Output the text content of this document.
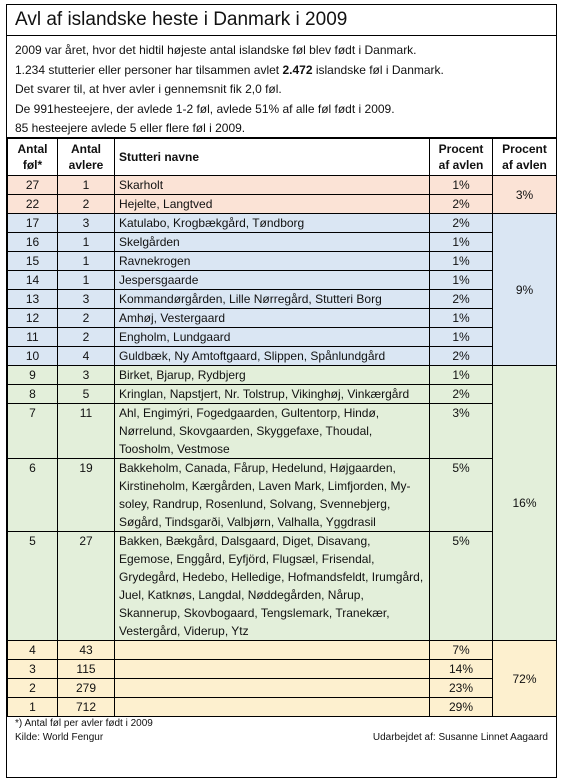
Avl af islandske heste i Danmark i 2009

2009 var året, hvor det hidtil højeste antal islandske føl blev født i Danmark.

1.234 stutterier eller personer har tilsammen avlet 2.472 islandske føl i Danmark.

Det svarer til, at hver avler i gennemsnit fik 2,0 føl.

De 991hesteejere, der avlede 1-2 føl, avlede 51% af alle føl født i 2009.

85 hesteejere avlede 5 eller flere føl i 2009.

Antal føl*	Antal avlere	Stutteri navne	Procent af avlen	Procent af avlen
27	1	Skarholt	1%	3%
22	2	Hejelte, Langtved	2%	
17	3	Katulabo, Krogbækgård, Tøndborg	2%	9%
16	1	Skelgården	1%	
15	1	Ravnekrogen	1%	
14	1	Jespersgaarde	1%	
13	3	Kommandørgården, Lille Nørregård, Stutteri Borg	2%	
12	2	Amhøj, Vestergaard	1%	
11	2	Engholm, Lundgaard	1%	
10	4	Guldbæk, Ny Amtoftgaard, Slippen, Spånlundgård	2%	
9	3	Birket, Bjarup, Rydbjerg	1%	16%
8	5	Kringlan, Napstjert, Nr. Tolstrup, Vikinghøj, Vinkærgård	2%	
7	11	Ahl, Engimýri, Fogedgaarden, Gultentorp, Hindø, Nørrelund, Skovgaarden, Skyggefaxe, Thoudal, Toosholm, Vestmose	3%	
6	19	Bakkeholm, Canada, Fårup, Hedelund, Højgaarden, Kirstineholm, Kærgården, Laven Mark, Limfjorden, My-soley, Randrup, Rosenlund, Solvang, Svennebjerg, Søgård, Tindsgarði, Valbjørn, Valhalla, Yggdrasil	5%	
5	27	Bakken, Bækgård, Dalsgaard, Diget, Disavang, Egemose, Enggård, Eyfjörd, Flugsæl, Frisendal, Grydegård, Hedebo, Helledige, Hofmandsfeldt, Irumgård, Juel, Katknøs, Langdal, Nøddegården, Nårup, Skannerup, Skovbogaard, Tengslemark, Tranekær, Vestergård, Viderup, Ytz	5%	
4	43		7%	72%
3	115		14%	
2	279		23%	
1	712		29%	
*) Antal føl per avler født i 2009
Kilde: World Fengur	Udarbejdet af: Susanne Linnet Aagaard
